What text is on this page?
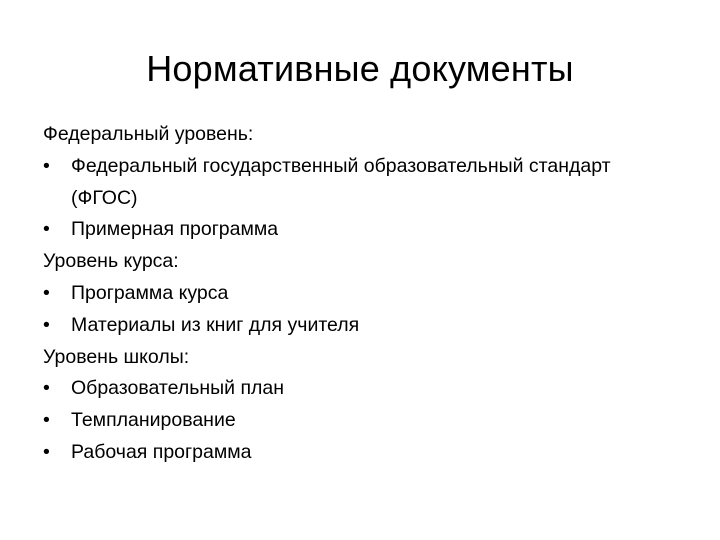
Нормативные документы
Федеральный уровень:
•	Федеральный государственный образовательный стандарт (ФГОС)
•	Примерная программа
Уровень курса:
•	Программа курса
•	Материалы из книг для учителя
Уровень школы:
•	Образовательный план
•	Темпланирование
•	Рабочая программа
